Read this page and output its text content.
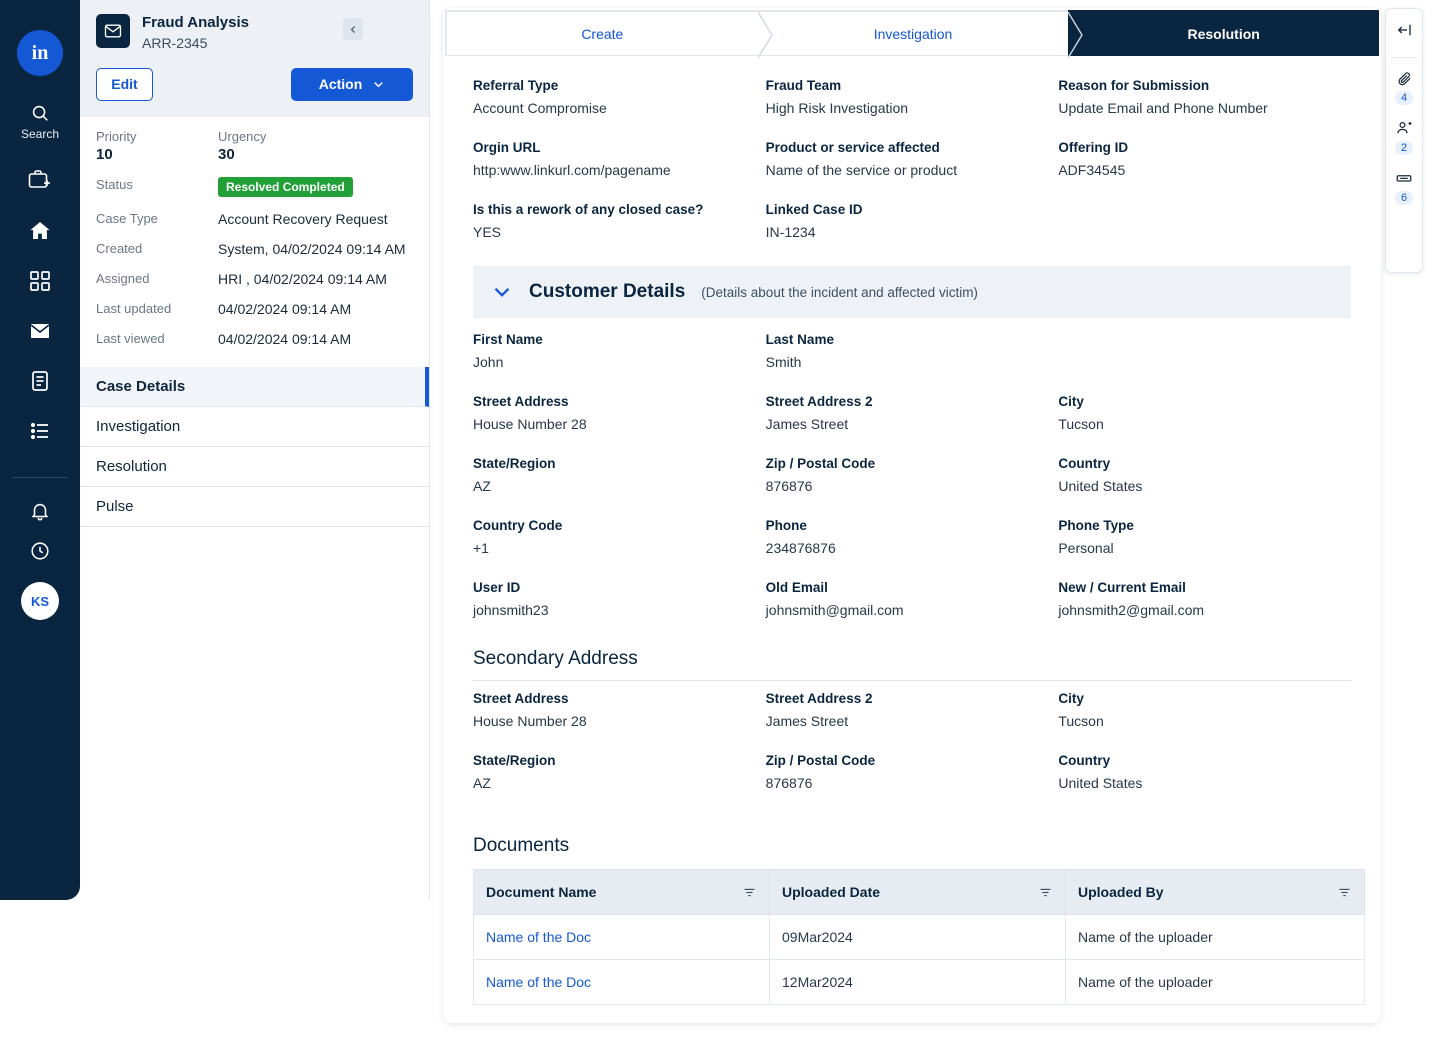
in
Search
KS
Fraud Analysis
ARR-2345
Edit	Action
Priority
10
Urgency
30
Status	Resolved Completed
Case Type	Account Recovery Request
Created	System, 04/02/2024 09:14 AM
Assigned	HRI , 04/02/2024 09:14 AM
Last updated	04/02/2024 09:14 AM
Last viewed	04/02/2024 09:14 AM
Case Details
Investigation
Resolution
Pulse
Create	Investigation	Resolution
Referral Type
Account Compromise
Fraud Team
High Risk Investigation
Reason for Submission
Update Email and Phone Number
Orgin URL
http:www.linkurl.com/pagename
Product or service affected
Name of the service or product
Offering ID
ADF34545
Is this a rework of any closed case?
YES
Linked Case ID
IN-1234
Customer Details (Details about the incident and affected victim)
First Name
John
Last Name
Smith
Street Address
House Number 28
Street Address 2
James Street
City
Tucson
State/Region
AZ
Zip / Postal Code
876876
Country
United States
Country Code
+1
Phone
234876876
Phone Type
Personal
User ID
johnsmith23
Old Email
johnsmith@gmail.com
New / Current Email
johnsmith2@gmail.com
Secondary Address
Street Address
House Number 28
Street Address 2
James Street
City
Tucson
State/Region
AZ
Zip / Postal Code
876876
Country
United States
Documents
Document Name	Uploaded Date	Uploaded By

Name of the Doc	09Mar2024	Name of the uploader
Name of the Doc	12Mar2024	Name of the uploader
4
2
6
